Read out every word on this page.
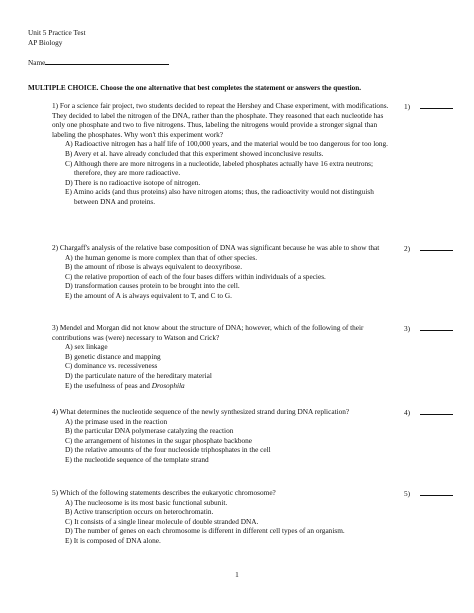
Unit 5 Practice Test
AP Biology
Name
MULTIPLE CHOICE. Choose the one alternative that best completes the statement or answers the question.
1) For a science fair project, two students decided to repeat the Hershey and Chase experiment, with modifications. They decided to label the nitrogen of the DNA, rather than the phosphate. They reasoned that each nucleotide has only one phosphate and two to five nitrogens. Thus, labeling the nitrogens would provide a stronger signal than labeling the phosphates. Why won't this experiment work?
A) Radioactive nitrogen has a half life of 100,000 years, and the material would be too dangerous for too long.
B) Avery et al. have already concluded that this experiment showed inconclusive results.
C) Although there are more nitrogens in a nucleotide, labeled phosphates actually have 16 extra neutrons; therefore, they are more radioactive.
D) There is no radioactive isotope of nitrogen.
E) Amino acids (and thus proteins) also have nitrogen atoms; thus, the radioactivity would not distinguish between DNA and proteins.
1)
2) Chargaff's analysis of the relative base composition of DNA was significant because he was able to show that
A) the human genome is more complex than that of other species.
B) the amount of ribose is always equivalent to deoxyribose.
C) the relative proportion of each of the four bases differs within individuals of a species.
D) transformation causes protein to be brought into the cell.
E) the amount of A is always equivalent to T, and C to G.
2)
3) Mendel and Morgan did not know about the structure of DNA; however, which of the following of their contributions was (were) necessary to Watson and Crick?
A) sex linkage
B) genetic distance and mapping
C) dominance vs. recessiveness
D) the particulate nature of the hereditary material
E) the usefulness of peas and Drosophila
3)
4) What determines the nucleotide sequence of the newly synthesized strand during DNA replication?
A) the primase used in the reaction
B) the particular DNA polymerase catalyzing the reaction
C) the arrangement of histones in the sugar phosphate backbone
D) the relative amounts of the four nucleoside triphosphates in the cell
E) the nucleotide sequence of the template strand
4)
5) Which of the following statements describes the eukaryotic chromosome?
A) The nucleosome is its most basic functional subunit.
B) Active transcription occurs on heterochromatin.
C) It consists of a single linear molecule of double stranded DNA.
D) The number of genes on each chromosome is different in different cell types of an organism.
E) It is composed of DNA alone.
5)
1
